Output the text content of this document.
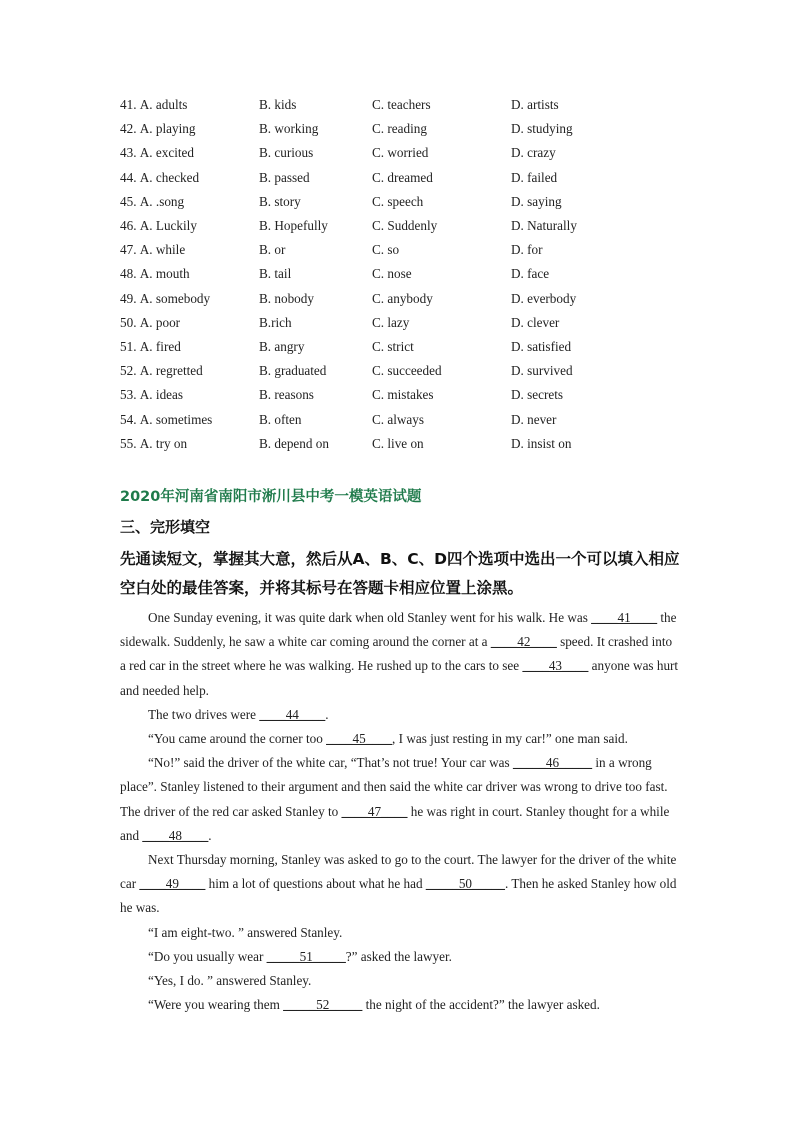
41. A. adults	B. kids	C. teachers	D. artists
42. A. playing	B. working	C. reading	D. studying
43. A. excited	B. curious	C. worried	D. crazy
44. A. checked	B. passed	C. dreamed	D. failed
45. A. .song	B. story	C. speech	D. saying
46. A. Luckily	B. Hopefully	C. Suddenly	D. Naturally
47. A. while	B. or	C. so	D. for
48. A. mouth	B. tail	C. nose	D. face
49. A. somebody	B. nobody	C. anybody	D. everbody
50. A. poor	B.rich	C. lazy	D. clever
51. A. fired	B. angry	C. strict	D. satisfied
52. A. regretted	B. graduated	C. succeeded	D. survived
53. A. ideas	B. reasons	C. mistakes	D. secrets
54. A. sometimes	B. often	C. always	D. never
55. A. try on	B. depend on	C. live on	D. insist on
2020年河南省南阳市淅川县中考一模英语试题
三、完形填空
先通读短文，掌握其大意，然后从A、B、C、D四个选项中选出一个可以填入相应空白处的最佳答案，并将其标号在答题卡相应位置上涂黑。

One Sunday evening, it was quite dark when old Stanley went for his walk. He was ____41____ the sidewalk. Suddenly, he saw a white car coming around the corner at a ____42____ speed. It crashed into a red car in the street where he was walking. He rushed up to the cars to see ____43____ anyone was hurt and needed help.

The two drives were ____44____.

“You came around the corner too ____45____, I was just resting in my car!” one man said.

“No!” said the driver of the white car, “That’s not true! Your car was _____46_____ in a wrong place”. Stanley listened to their argument and then said the white car driver was wrong to drive too fast. The driver of the red car asked Stanley to ____47____ he was right in court. Stanley thought for a while and ____48____.

Next Thursday morning, Stanley was asked to go to the court. The lawyer for the driver of the white car ____49____ him a lot of questions about what he had _____50_____. Then he asked Stanley how old he was.

“I am eight-two. ” answered Stanley.

“Do you usually wear _____51_____?” asked the lawyer.

“Yes, I do. ” answered Stanley.

“Were you wearing them _____52_____ the night of the accident?” the lawyer asked.
